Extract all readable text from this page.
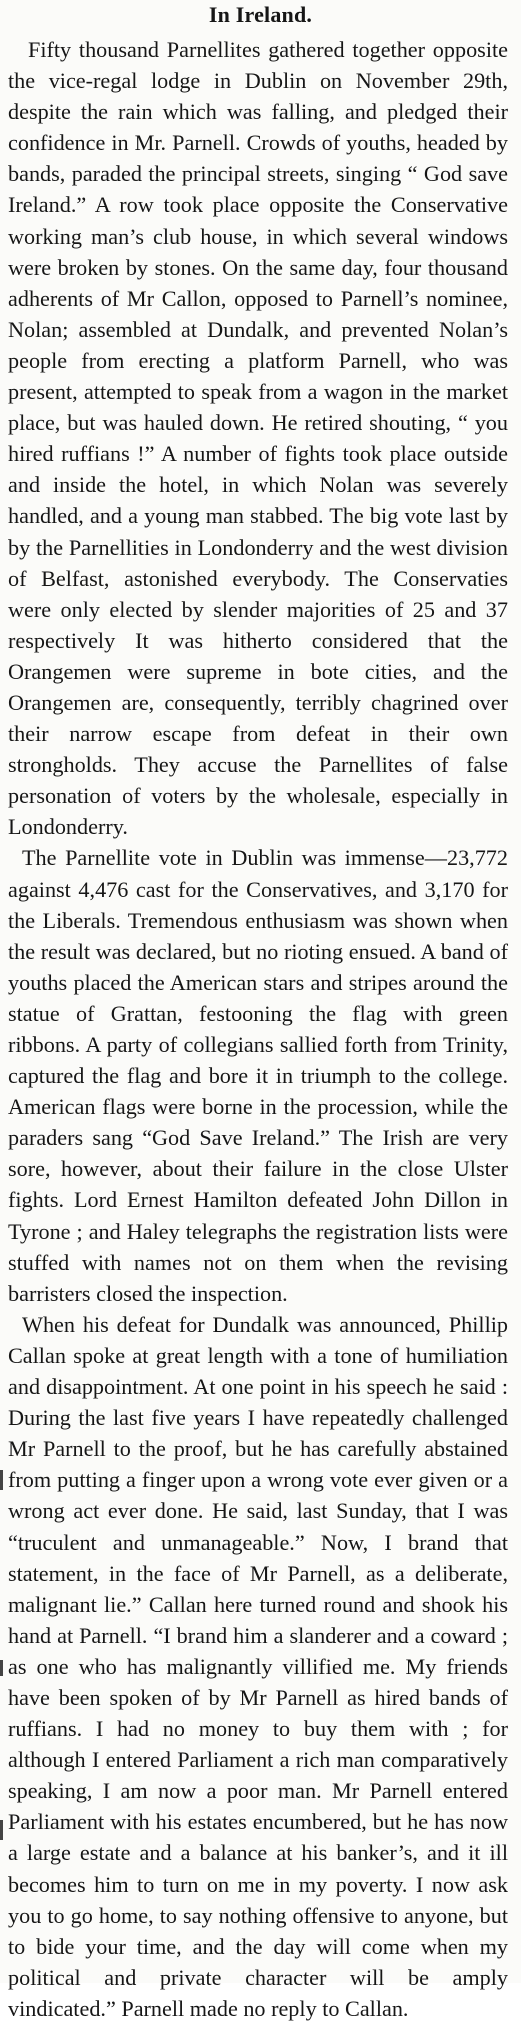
In Ireland.

Fifty thousand Parnellites gathered together opposite the vice-regal lodge in Dublin on November 29th, despite the rain which was falling, and pledged their confidence in Mr. Parnell. Crowds of youths, headed by bands, paraded the principal streets, singing “ God save Ireland.” A row took place opposite the Conservative working man’s club house, in which several windows were broken by stones. On the same day, four thousand adherents of Mr Callon, opposed to Parnell’s nominee, Nolan; assembled at Dundalk, and prevented Nolan’s people from erecting a platform Parnell, who was present, attempted to speak from a wagon in the market place, but was hauled down. He retired shouting, “ you hired ruffians !” A number of fights took place outside and inside the hotel, in which Nolan was severely handled, and a young man stabbed. The big vote last by by the Parnellities in Londonderry and the west division of Belfast, astonished everybody. The Conservaties were only elected by slender majorities of 25 and 37 respectively It was hitherto considered that the Orangemen were supreme in bote cities, and the Orangemen are, consequently, terribly chagrined over their narrow escape from defeat in their own strongholds. They accuse the Parnellites of false personation of voters by the wholesale, especially in Londonderry.

The Parnellite vote in Dublin was immense—23,772 against 4,476 cast for the Conservatives, and 3,170 for the Liberals. Tremendous enthusiasm was shown when the result was declared, but no rioting ensued. A band of youths placed the American stars and stripes around the statue of Grattan, festooning the flag with green ribbons. A party of collegians sallied forth from Trinity, captured the flag and bore it in triumph to the college. American flags were borne in the procession, while the paraders sang “God Save Ireland.” The Irish are very sore, however, about their failure in the close Ulster fights. Lord Ernest Hamilton defeated John Dillon in Tyrone ; and Haley telegraphs the registration lists were stuffed with names not on them when the revising barristers closed the inspection.

When his defeat for Dundalk was announced, Phillip Callan spoke at great length with a tone of humiliation and disappointment. At one point in his speech he said : During the last five years I have repeatedly challenged Mr Parnell to the proof, but he has carefully abstained from putting a finger upon a wrong vote ever given or a wrong act ever done. He said, last Sunday, that I was “truculent and unmanageable.” Now, I brand that statement, in the face of Mr Parnell, as a deliberate, malignant lie.” Callan here turned round and shook his hand at Parnell. “I brand him a slanderer and a coward ; as one who has malignantly villified me. My friends have been spoken of by Mr Parnell as hired bands of ruffians. I had no money to buy them with ; for although I entered Parliament a rich man comparatively speaking, I am now a poor man. Mr Parnell entered Parliament with his estates encumbered, but he has now a large estate and a balance at his banker’s, and it ill becomes him to turn on me in my poverty. I now ask you to go home, to say nothing offensive to anyone, but to bide your time, and the day will come when my political and private character will be amply vindicated.” Parnell made no reply to Callan.
